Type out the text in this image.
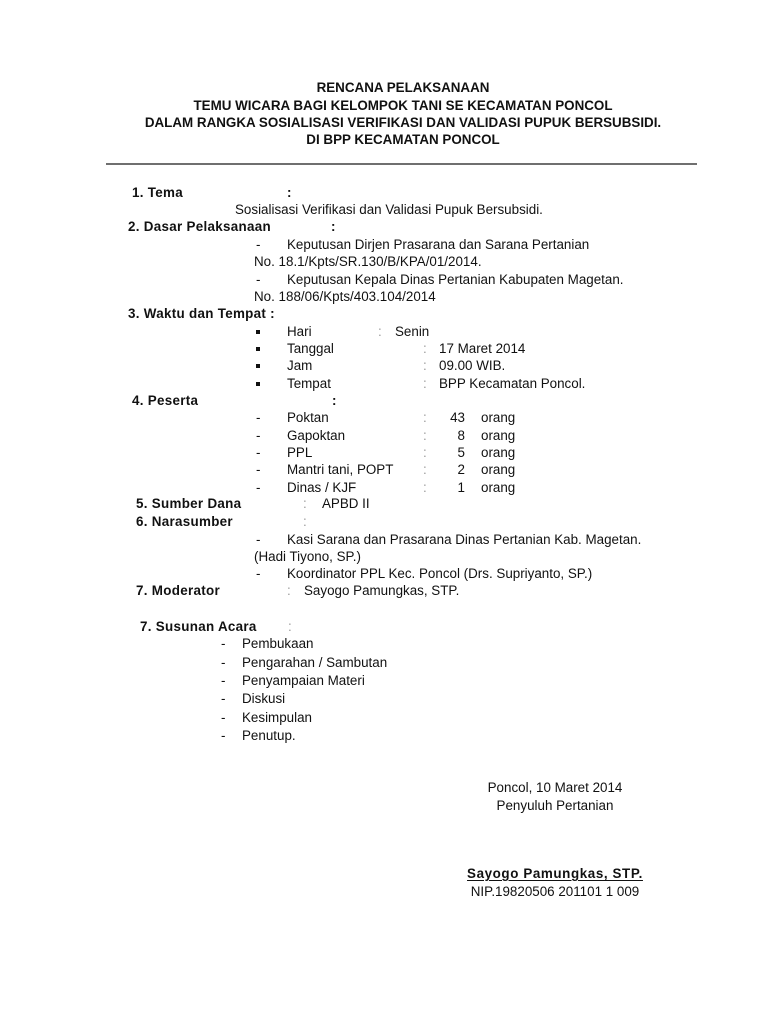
RENCANA PELAKSANAAN
TEMU WICARA BAGI KELOMPOK TANI SE KECAMATAN PONCOL
DALAM RANGKA SOSIALISASI VERIFIKASI DAN VALIDASI PUPUK BERSUBSIDI.
DI BPP KECAMATAN PONCOL
1. Tema	:
Sosialisasi Verifikasi dan Validasi Pupuk Bersubsidi.
2. Dasar Pelaksanaan	:
- Keputusan Dirjen Prasarana dan Sarana Pertanian
No. 18.1/Kpts/SR.130/B/KPA/01/2014.
- Keputusan Kepala Dinas Pertanian Kabupaten Magetan.
No. 188/06/Kpts/403.104/2014
3. Waktu dan Tempat :
Hari	: Senin
Tanggal	: 17 Maret 2014
Jam	: 09.00 WIB.
Tempat	: BPP Kecamatan Poncol.
4. Peserta	:
- Poktan	:	43 orang
- Gapoktan	:	8 orang
- PPL	:	5 orang
- Mantri tani, POPT :	2 orang
- Dinas / KJF	:	1 orang
5. Sumber Dana	: APBD II
6. Narasumber	:
- Kasi Sarana dan Prasarana Dinas Pertanian Kab. Magetan.
(Hadi Tiyono, SP.)
- Koordinator PPL Kec. Poncol (Drs. Supriyanto, SP.)
7. Moderator	: Sayogo Pamungkas, STP.
7. Susunan Acara :
- Pembukaan
- Pengarahan / Sambutan
- Penyampaian Materi
- Diskusi
- Kesimpulan
- Penutup.
Poncol, 10 Maret 2014
Penyuluh Pertanian
Sayogo Pamungkas, STP.
NIP.19820506 201101 1 009
